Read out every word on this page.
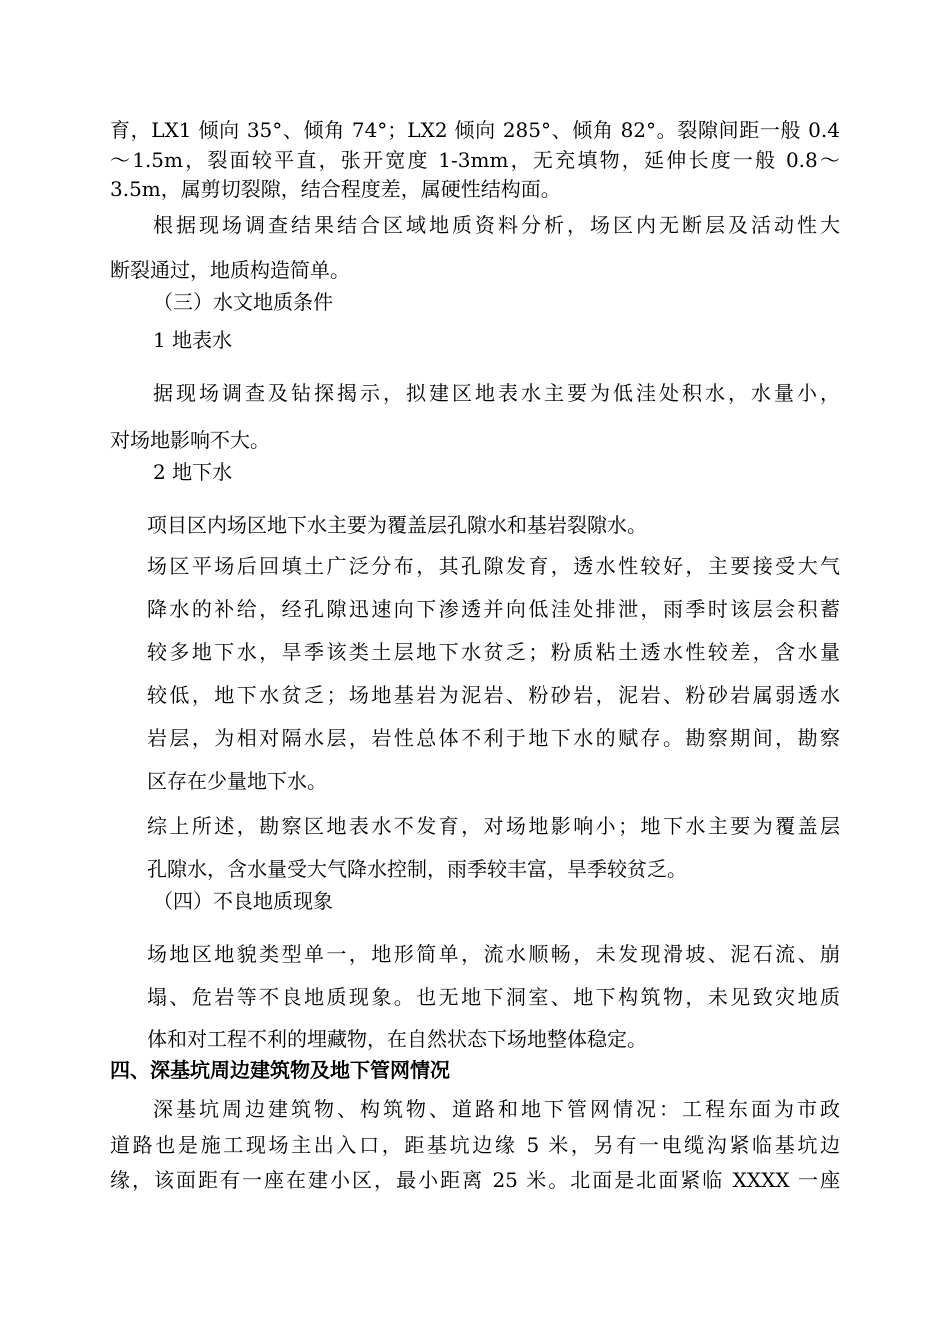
育，LX1 倾向 35°、倾角 74°；LX2 倾向 285°、倾角 82°。裂隙间距一般 0.4
～1.5m，裂面较平直，张开宽度 1-3mm，无充填物，延伸长度一般 0.8～
3.5m，属剪切裂隙，结合程度差，属硬性结构面。
根据现场调查结果结合区域地质资料分析，场区内无断层及活动性大
断裂通过，地质构造简单。
（三）水文地质条件
1 地表水
据现场调查及钻探揭示，拟建区地表水主要为低洼处积水，水量小，
对场地影响不大。
2 地下水
项目区内场区地下水主要为覆盖层孔隙水和基岩裂隙水。
场区平场后回填土广泛分布，其孔隙发育，透水性较好，主要接受大气
降水的补给，经孔隙迅速向下渗透并向低洼处排泄，雨季时该层会积蓄
较多地下水，旱季该类土层地下水贫乏；粉质粘土透水性较差，含水量
较低，地下水贫乏；场地基岩为泥岩、粉砂岩，泥岩、粉砂岩属弱透水
岩层，为相对隔水层，岩性总体不利于地下水的赋存。勘察期间，勘察
区存在少量地下水。
综上所述，勘察区地表水不发育，对场地影响小；地下水主要为覆盖层
孔隙水，含水量受大气降水控制，雨季较丰富，旱季较贫乏。
（四）不良地质现象
场地区地貌类型单一，地形简单，流水顺畅，未发现滑坡、泥石流、崩
塌、危岩等不良地质现象。也无地下洞室、地下构筑物，未见致灾地质
体和对工程不利的埋藏物，在自然状态下场地整体稳定。
四、深基坑周边建筑物及地下管网情况
深基坑周边建筑物、构筑物、道路和地下管网情况：工程东面为市政
道路也是施工现场主出入口，距基坑边缘 5 米，另有一电缆沟紧临基坑边
缘，该面距有一座在建小区，最小距离 25 米。北面是北面紧临 XXXX 一座
